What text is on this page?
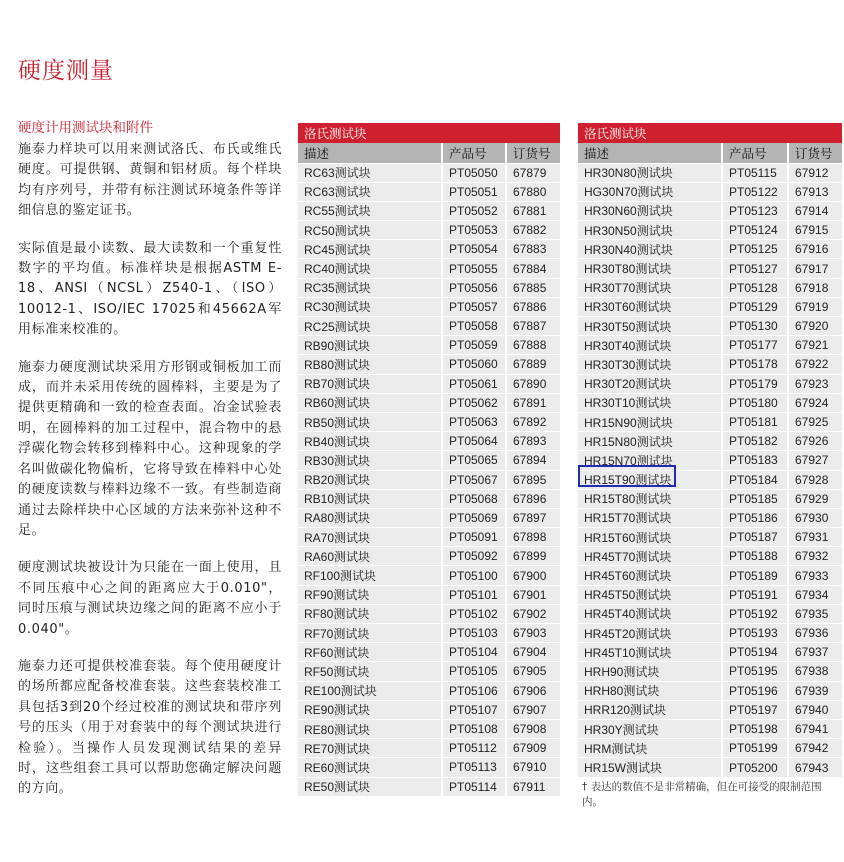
硬度测量
硬度计用测试块和附件

施泰力样块可以用来测试洛氏、布氏或维氏硬度。可提供钢、黄铜和铝材质。每个样块均有序列号，并带有标注测试环境条件等详细信息的鉴定证书。

实际值是最小读数、最大读数和一个重复性数字的平均值。标准样块是根据ASTM E-18、ANSI（NCSL）Z540-1、（ISO）10012-1、ISO/IEC 17025和45662A军用标准来校准的。

施泰力硬度测试块采用方形钢或铜板加工而成，而并未采用传统的圆棒料，主要是为了提供更精确和一致的检查表面。冶金试验表明，在圆棒料的加工过程中，混合物中的悬浮碳化物会转移到棒料中心。这种现象的学名叫做碳化物偏析，它将导致在棒料中心处的硬度读数与棒料边缘不一致。有些制造商通过去除样块中心区域的方法来弥补这种不足。

硬度测试块被设计为只能在一面上使用，且不同压痕中心之间的距离应大于0.010"，同时压痕与测试块边缘之间的距离不应小于0.040"。

施泰力还可提供校准套装。每个使用硬度计的场所都应配备校准套装。这些套装校准工具包括3到20个经过校准的测试块和带序列号的压头（用于对套装中的每个测试块进行检验）。当操作人员发现测试结果的差异时，这些组套工具可以帮助您确定解决问题的方向。

洛氏测试块		
描述	产品号	订货号
RC63测试块	PT05050	67879
RC63测试块	PT05051	67880
RC55测试块	PT05052	67881
RC50测试块	PT05053	67882
RC45测试块	PT05054	67883
RC40测试块	PT05055	67884
RC35测试块	PT05056	67885
RC30测试块	PT05057	67886
RC25测试块	PT05058	67887
RB90测试块	PT05059	67888
RB80测试块	PT05060	67889
RB70测试块	PT05061	67890
RB60测试块	PT05062	67891
RB50测试块	PT05063	67892
RB40测试块	PT05064	67893
RB30测试块	PT05065	67894
RB20测试块	PT05067	67895
RB10测试块	PT05068	67896
RA80测试块	PT05069	67897
RA70测试块	PT05091	67898
RA60测试块	PT05092	67899
RF100测试块	PT05100	67900
RF90测试块	PT05101	67901
RF80测试块	PT05102	67902
RF70测试块	PT05103	67903
RF60测试块	PT05104	67904
RF50测试块	PT05105	67905
RE100测试块	PT05106	67906
RE90测试块	PT05107	67907
RE80测试块	PT05108	67908
RE70测试块	PT05112	67909
RE60测试块	PT05113	67910
RE50测试块	PT05114	67911
洛氏测试块		
描述	产品号	订货号
HR30N80测试块	PT05115	67912
HG30N70测试块	PT05122	67913
HR30N60测试块	PT05123	67914
HR30N50测试块	PT05124	67915
HR30N40测试块	PT05125	67916
HR30T80测试块	PT05127	67917
HR30T70测试块	PT05128	67918
HR30T60测试块	PT05129	67919
HR30T50测试块	PT05130	67920
HR30T40测试块	PT05177	67921
HR30T30测试块	PT05178	67922
HR30T20测试块	PT05179	67923
HR30T10测试块	PT05180	67924
HR15N90测试块	PT05181	67925
HR15N80测试块	PT05182	67926
HR15N70测试块	PT05183	67927
HR15T90测试块	PT05184	67928
HR15T80测试块	PT05185	67929
HR15T70测试块	PT05186	67930
HR15T60测试块	PT05187	67931
HR45T70测试块	PT05188	67932
HR45T60测试块	PT05189	67933
HR45T50测试块	PT05191	67934
HR45T40测试块	PT05192	67935
HR45T20测试块	PT05193	67936
HR45T10测试块	PT05194	67937
HRH90测试块	PT05195	67938
HRH80测试块	PT05196	67939
HRR120测试块	PT05197	67940
HR30Y测试块	PT05198	67941
HRM测试块	PT05199	67942
HR15W测试块	PT05200	67943
† 表达的数值不是非常精确，但在可接受的限制范围内。
